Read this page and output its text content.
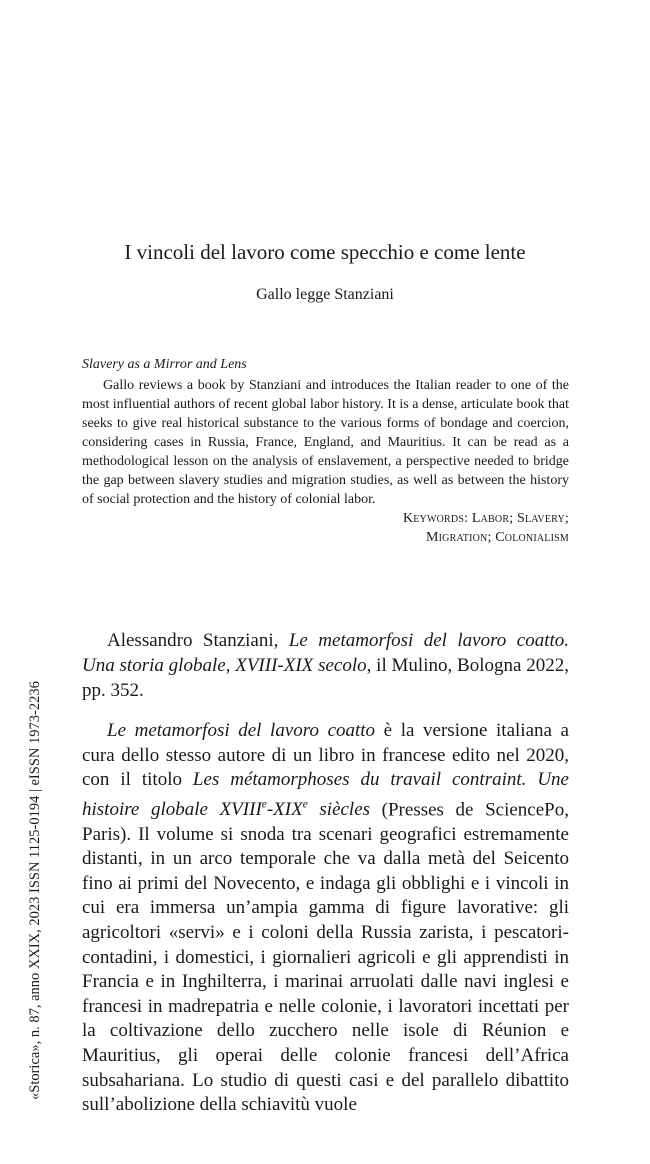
I vincoli del lavoro come specchio e come lente
Gallo legge Stanziani

Slavery as a Mirror and Lens

Gallo reviews a book by Stanziani and introduces the Italian reader to one of the most influential authors of recent global labor history. It is a dense, articulate book that seeks to give real historical substance to the various forms of bondage and coercion, considering cases in Russia, France, England, and Mauritius. It can be read as a methodological lesson on the analysis of enslavement, a perspective needed to bridge the gap between slavery studies and migration studies, as well as between the history of social protection and the history of colonial labor.

Keywords: Labor; Slavery;

Migration; Colonialism

Alessandro Stanziani, Le metamorfosi del lavoro coatto. Una storia globale, XVIII-XIX secolo, il Mulino, Bologna 2022, pp. 352.

Le metamorfosi del lavoro coatto è la versione italiana a cura dello stesso autore di un libro in francese edito nel 2020, con il titolo Les métamorphoses du travail contraint. Une histoire globale XVIIIe-XIXe siècles (Presses de SciencePo, Paris). Il volume si snoda tra scenari geografici estremamente distanti, in un arco temporale che va dalla metà del Seicento fino ai primi del Novecento, e indaga gli obblighi e i vincoli in cui era immersa un’ampia gamma di figure lavorative: gli agricoltori «servi» e i coloni della Russia zarista, i pescatori-contadini, i domestici, i giornalieri agricoli e gli apprendisti in Francia e in Inghilterra, i marinai arruolati dalle navi inglesi e francesi in madrepatria e nelle colonie, i lavoratori incettati per la coltivazione dello zucchero nelle isole di Réunion e Mauritius, gli operai delle colonie francesi dell’Africa subsahariana. Lo studio di questi casi e del parallelo dibattito sull’abolizione della schiavitù vuole

«Storica», n. 87, anno XXIX, 2023 ISSN 1125-0194 | eISSN 1973-2236
